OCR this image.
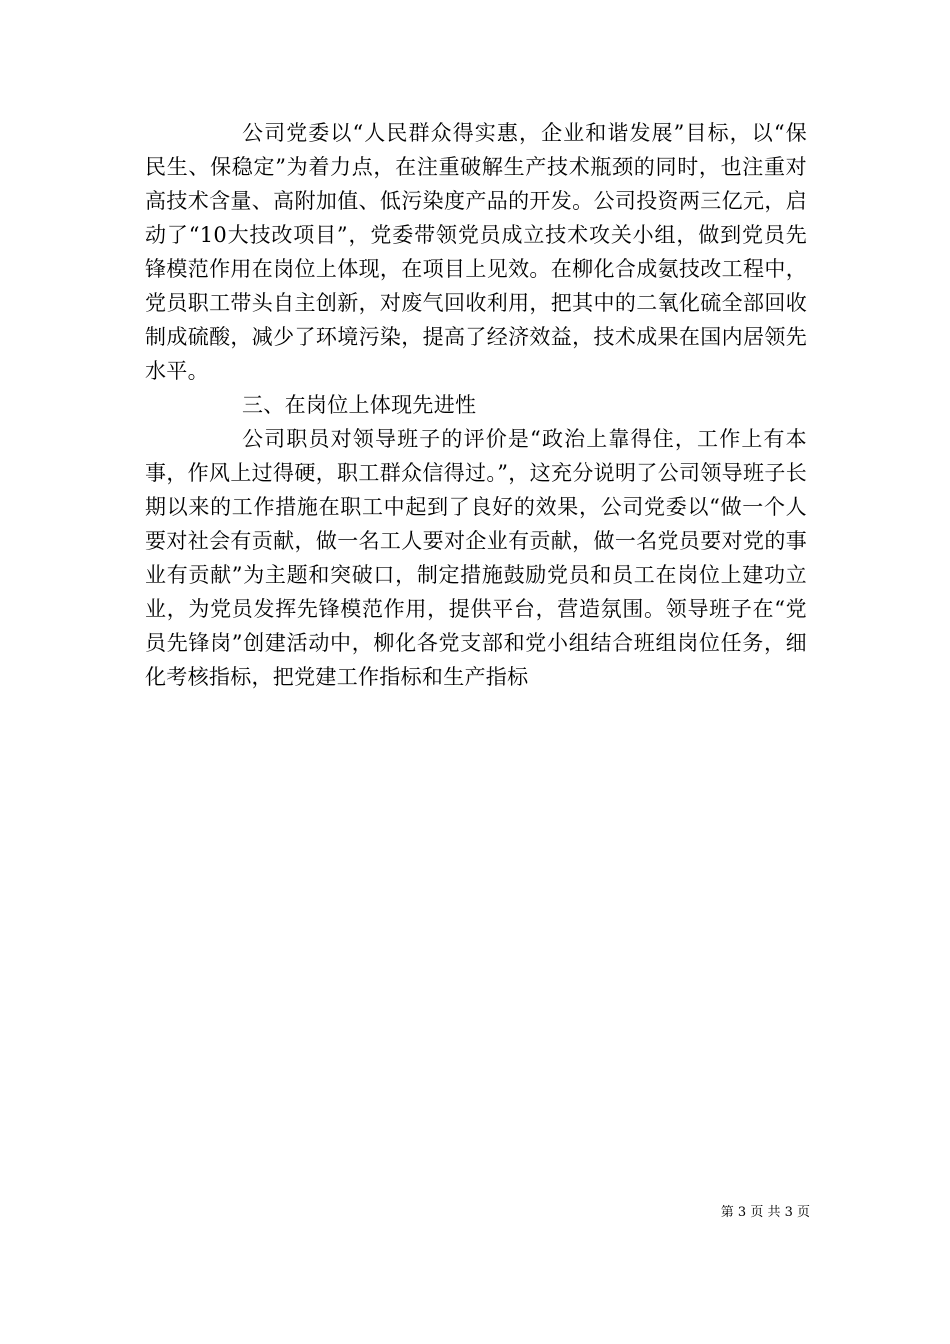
公司党委以“人民群众得实惠，企业和谐发展”目标，以“保民生、保稳定”为着力点，在注重破解生产技术瓶颈的同时，也注重对高技术含量、高附加值、低污染度产品的开发。公司投资两三亿元，启动了“10大技改项目”，党委带领党员成立技术攻关小组，做到党员先锋模范作用在岗位上体现，在项目上见效。在柳化合成氨技改工程中，党员职工带头自主创新，对废气回收利用，把其中的二氧化硫全部回收制成硫酸，减少了环境污染，提高了经济效益，技术成果在国内居领先水平。

三、在岗位上体现先进性

公司职员对领导班子的评价是“政治上靠得住，工作上有本事，作风上过得硬，职工群众信得过。”，这充分说明了公司领导班子长期以来的工作措施在职工中起到了良好的效果，公司党委以“做一个人要对社会有贡献，做一名工人要对企业有贡献，做一名党员要对党的事业有贡献”为主题和突破口，制定措施鼓励党员和员工在岗位上建功立业，为党员发挥先锋模范作用，提供平台，营造氛围。领导班子在“党员先锋岗”创建活动中，柳化各党支部和党小组结合班组岗位任务，细化考核指标，把党建工作指标和生产指标

第 3 页 共 3 页
